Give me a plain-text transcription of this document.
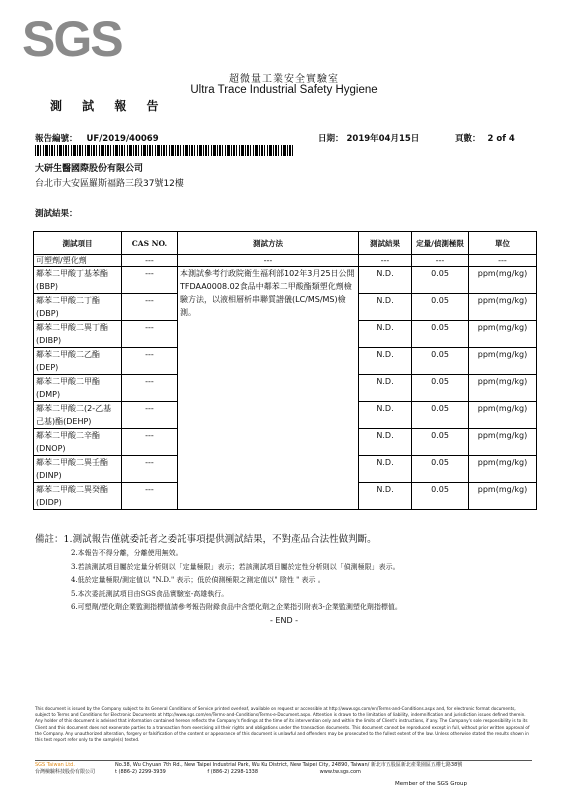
SGS
超微量工業安全實驗室
Ultra Trace Industrial Safety Hygiene
測 試 報 告
報告編號： UF/2019/40069	日期： 2019年04月15日	頁數： 2 of 4
大研生醫國際股份有限公司
台北市大安區羅斯福路三段37號12樓
測試結果：
測試項目	CAS NO.	測試方法	測試結果	定量/偵測極限	單位
可塑劑/塑化劑	---	---	---	---	---
鄰苯二甲酸丁基苯酯(BBP)	---	本測試參考行政院衛生福利部102年3月25日公開TFDAA0008.02食品中鄰苯二甲酸酯類塑化劑檢驗方法，以液相層析串聯質譜儀(LC/MS/MS)檢測。	N.D.	0.05	ppm(mg/kg)
鄰苯二甲酸二丁酯(DBP)	---		N.D.	0.05	ppm(mg/kg)
鄰苯二甲酸二異丁酯(DIBP)	---		N.D.	0.05	ppm(mg/kg)
鄰苯二甲酸二乙酯(DEP)	---		N.D.	0.05	ppm(mg/kg)
鄰苯二甲酸二甲酯(DMP)	---		N.D.	0.05	ppm(mg/kg)
鄰苯二甲酸二(2-乙基己基)酯(DEHP)	---		N.D.	0.05	ppm(mg/kg)
鄰苯二甲酸二辛酯(DNOP)	---		N.D.	0.05	ppm(mg/kg)
鄰苯二甲酸二異壬酯(DINP)	---		N.D.	0.05	ppm(mg/kg)
鄰苯二甲酸二異癸酯(DIDP)	---		N.D.	0.05	ppm(mg/kg)
備註：1.測試報告僅就委託者之委託事項提供測試結果，不對產品合法性做判斷。
2.本報告不得分離，分離使用無效。
3.若該測試項目屬於定量分析則以「定量極限」表示；若該測試項目屬於定性分析則以「偵測極限」表示。
4.低於定量極限/測定值以 "N.D." 表示；低於偵測極限之測定值以" 陰性 " 表示 。
5.本次委託測試項目由SGS食品實驗室-高雄執行。
6.可塑劑/塑化劑企業監測指標值請參考報告附錄食品中含塑化劑之企業指引附表3-企業監測塑化劑指標值。
- END -
This document is issued by the Company subject to its General Conditions of Service printed overleaf, available on request or accessible at http://www.sgs.com/en/Terms-and-Conditions.aspx and, for electronic format documents, subject to Terms and Conditions for Electronic Documents at http://www.sgs.com/en/Terms-and-Conditions/Terms-e-Document.aspx. Attention is drawn to the limitation of liability, indemnification and jurisdiction issues defined therein. Any holder of this document is advised that information contained hereon reflects the Company's findings at the time of its intervention only and within the limits of Client's instructions, if any. The Company's sole responsibility is to its Client and this document does not exonerate parties to a transaction from exercising all their rights and obligations under the transaction documents. This document cannot be reproduced except in full, without prior written approval of the Company. Any unauthorized alteration, forgery or falsification of the content or appearance of this document is unlawful and offenders may be prosecuted to the fullest extent of the law. Unless otherwise stated the results shown in this test report refer only to the sample(s) tested.
SGS Taiwan Ltd.
台灣檢驗科技股份有限公司
No.38, Wu Chyuan 7th Rd., New Taipei Industrial Park, Wu Ku District, New Taipei City, 24890, Taiwan/ 新北市五股區新北產業園區五權七路38號
t (886-2) 2299-3939	f (886-2) 2298-1338	www.tw.sgs.com
Member of the SGS Group
